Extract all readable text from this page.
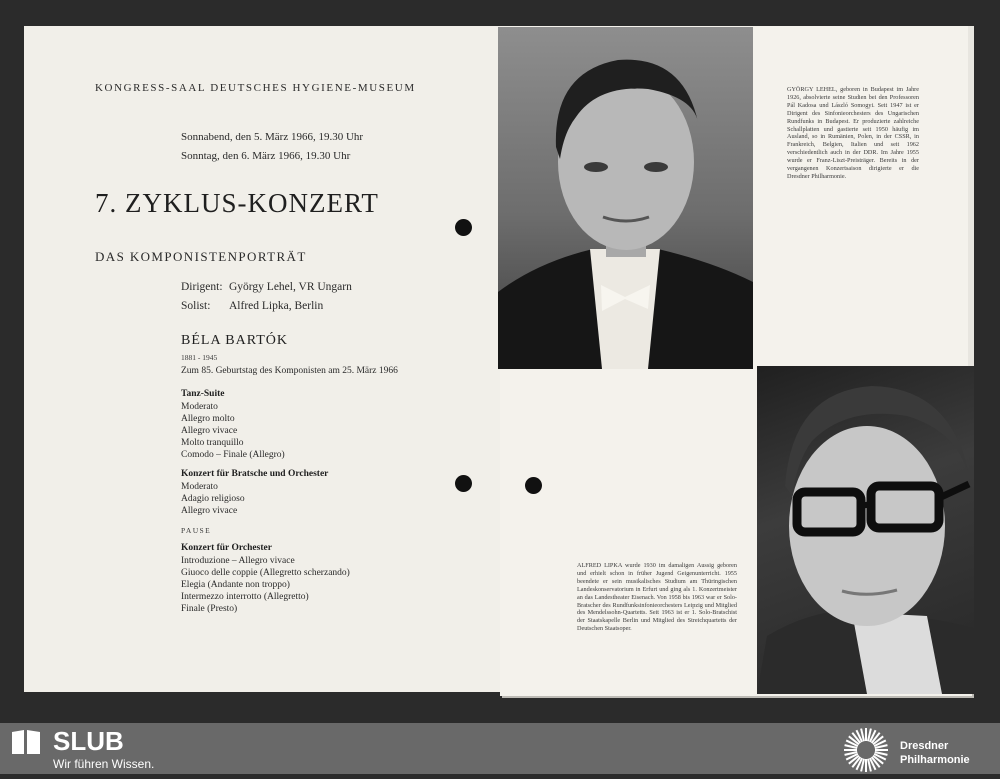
KONGRESS-SAAL DEUTSCHES HYGIENE-MUSEUM
Sonnabend, den 5. März 1966, 19.30 Uhr
Sonntag, den 6. März 1966, 19.30 Uhr
7. ZYKLUS-KONZERT
DAS KOMPONISTENPORTRÄT
Dirigent: György Lehel, VR Ungarn
Solist: Alfred Lipka, Berlin
BÉLA BARTÓK
1881 - 1945
Zum 85. Geburtstag des Komponisten am 25. März 1966
Tanz-Suite
Moderato
Allegro molto
Allegro vivace
Molto tranquillo
Comodo – Finale (Allegro)
Konzert für Bratsche und Orchester
Moderato
Adagio religioso
Allegro vivace
PAUSE
Konzert für Orchester
Introduzione – Allegro vivace
Giuoco delle coppie (Allegretto scherzando)
Elegia (Andante non troppo)
Intermezzo interrotto (Allegretto)
Finale (Presto)
GYÖRGY LEHEL, geboren in Budapest im Jahre 1926, absolvierte seine Studien bei den Professoren Pál Kadosa und László Somogyi. Seit 1947 ist er Dirigent des Sinfonieorchesters des Ungarischen Rundfunks in Budapest. Er produzierte zahlreiche Schallplatten und gastierte seit 1950 häufig im Ausland, so in Rumänien, Polen, in der CSSR, in Frankreich, Belgien, Italien und seit 1962 verschiedentlich auch in der DDR. Im Jahre 1955 wurde er Franz-Liszt-Preisträger. Bereits in der vergangenen Konzertsaison dirigierte er die Dresdner Philharmonie.
ALFRED LIPKA wurde 1930 im damaligen Aussig geboren und erhielt schon in früher Jugend Geigenunterricht. 1955 beendete er sein musikalisches Studium am Thüringischen Landeskonservatorium in Erfurt und ging als 1. Konzertmeister an das Landestheater Eisenach. Von 1958 bis 1963 war er Solo-Bratscher des Rundfunksinfonieorchesters Leipzig und Mitglied des Mendelssohn-Quartetts. Seit 1963 ist er 1. Solo-Bratschist der Staatskapelle Berlin und Mitglied des Streichquartetts der Deutschen Staatsoper.
SLUB
Wir führen Wissen.
Dresdner
Philharmonie
